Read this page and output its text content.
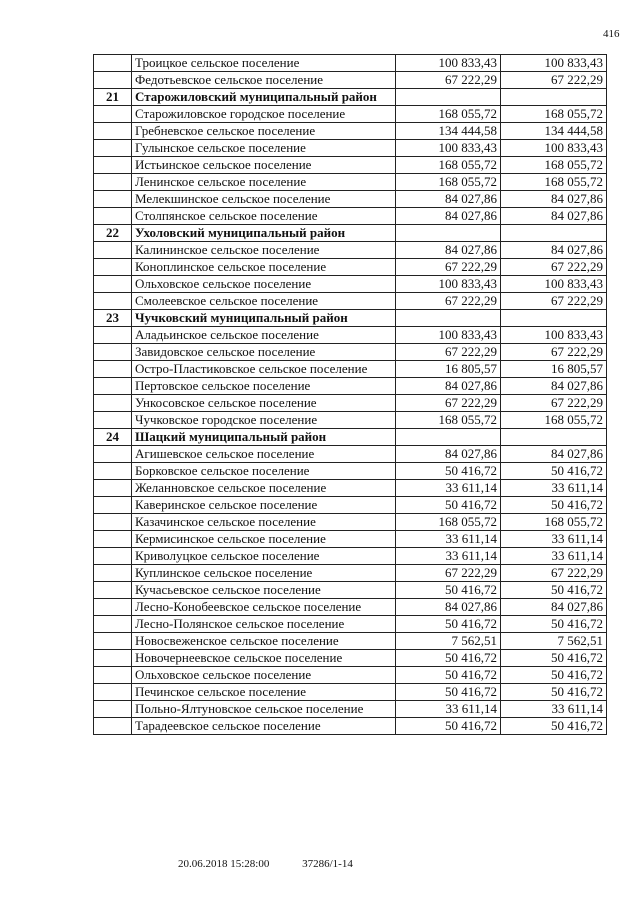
416
	Троицкое сельское поселение	100 833,43	100 833,43
	Федотьевское сельское поселение	67 222,29	67 222,29
21	Старожиловский муниципальный район		
	Старожиловское городское поселение	168 055,72	168 055,72
	Гребневское сельское поселение	134 444,58	134 444,58
	Гулынское сельское поселение	100 833,43	100 833,43
	Истьинское сельское поселение	168 055,72	168 055,72
	Ленинское сельское поселение	168 055,72	168 055,72
	Мелекшинское сельское поселение	84 027,86	84 027,86
	Столпянское сельское поселение	84 027,86	84 027,86
22	Ухоловский муниципальный район		
	Калининское сельское поселение	84 027,86	84 027,86
	Коноплинское сельское поселение	67 222,29	67 222,29
	Ольховское сельское поселение	100 833,43	100 833,43
	Смолеевское сельское поселение	67 222,29	67 222,29
23	Чучковский муниципальный район		
	Аладьинское сельское поселение	100 833,43	100 833,43
	Завидовское сельское поселение	67 222,29	67 222,29
	Остро-Пластиковское сельское поселение	16 805,57	16 805,57
	Пертовское сельское поселение	84 027,86	84 027,86
	Ункосовское сельское поселение	67 222,29	67 222,29
	Чучковское городское поселение	168 055,72	168 055,72
24	Шацкий муниципальный район		
	Агишевское сельское поселение	84 027,86	84 027,86
	Борковское сельское поселение	50 416,72	50 416,72
	Желанновское сельское поселение	33 611,14	33 611,14
	Каверинское сельское поселение	50 416,72	50 416,72
	Казачинское сельское поселение	168 055,72	168 055,72
	Кермисинское сельское поселение	33 611,14	33 611,14
	Криволуцкое сельское поселение	33 611,14	33 611,14
	Куплинское сельское поселение	67 222,29	67 222,29
	Кучасьевское сельское поселение	50 416,72	50 416,72
	Лесно-Конобеевское сельское поселение	84 027,86	84 027,86
	Лесно-Полянское сельское поселение	50 416,72	50 416,72
	Новосвеженское сельское поселение	7 562,51	7 562,51
	Новочернеевское сельское поселение	50 416,72	50 416,72
	Ольховское сельское поселение	50 416,72	50 416,72
	Печинское сельское поселение	50 416,72	50 416,72
	Польно-Ялтуновское сельское поселение	33 611,14	33 611,14
	Тарадеевское сельское поселение	50 416,72	50 416,72
20.06.2018 15:28:00	37286/1-14
